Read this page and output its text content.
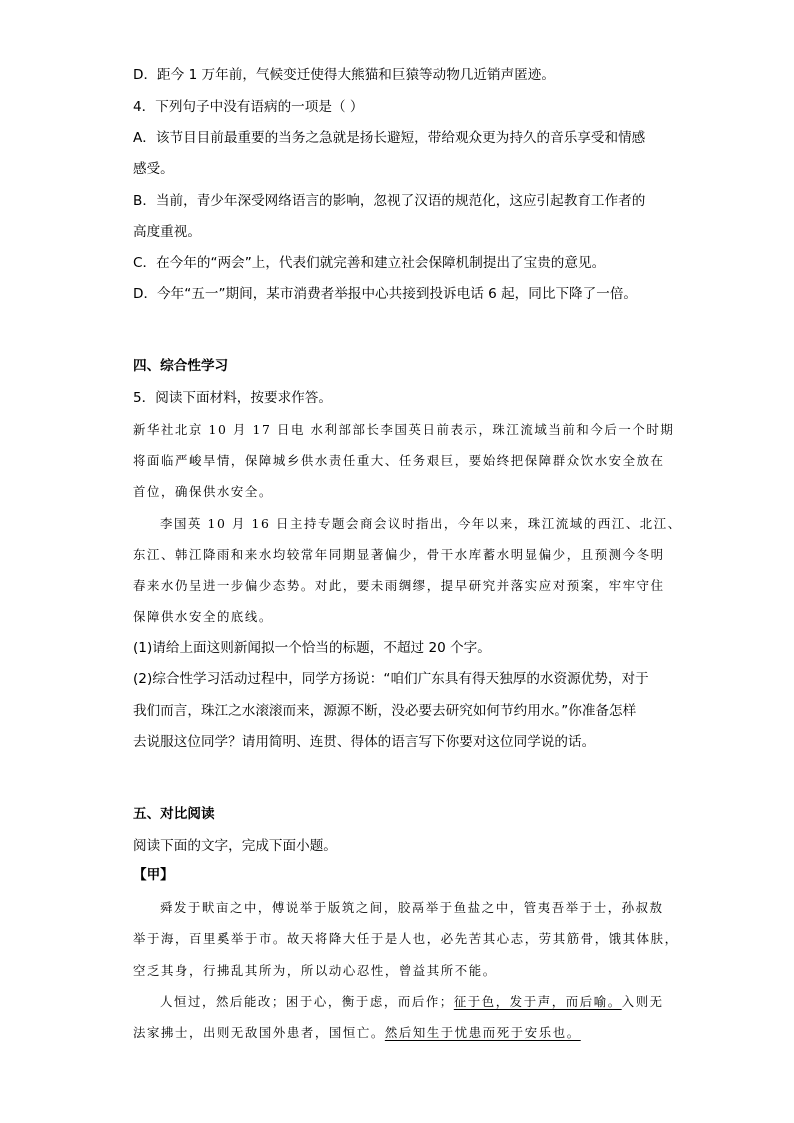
D．距今 1 万年前，气候变迁使得大熊猫和巨猿等动物几近销声匿迹。
4．下列句子中没有语病的一项是（ ）
A．该节目目前最重要的当务之急就是扬长避短，带给观众更为持久的音乐享受和情感
感受。
B．当前，青少年深受网络语言的影响，忽视了汉语的规范化，这应引起教育工作者的
高度重视。
C．在今年的“两会”上，代表们就完善和建立社会保障机制提出了宝贵的意见。
D．今年“五一”期间，某市消费者举报中心共接到投诉电话 6 起，同比下降了一倍。
四、综合性学习
5．阅读下面材料，按要求作答。
新华社北京 10 月 17 日电 水利部部长李国英日前表示，珠江流域当前和今后一个时期
将面临严峻旱情，保障城乡供水责任重大、任务艰巨，要始终把保障群众饮水安全放在
首位，确保供水安全。
李国英 10 月 16 日主持专题会商会议时指出，今年以来，珠江流域的西江、北江、
东江、韩江降雨和来水均较常年同期显著偏少，骨干水库蓄水明显偏少，且预测今冬明
春来水仍呈进一步偏少态势。对此，要未雨绸缪，提早研究并落实应对预案，牢牢守住
保障供水安全的底线。
(1)请给上面这则新闻拟一个恰当的标题，不超过 20 个字。
(2)综合性学习活动过程中，同学方扬说：“咱们广东具有得天独厚的水资源优势，对于
我们而言，珠江之水滚滚而来，源源不断，没必要去研究如何节约用水。”你准备怎样
去说服这位同学？请用简明、连贯、得体的语言写下你要对这位同学说的话。
五、对比阅读
阅读下面的文字，完成下面小题。
【甲】
舜发于畎亩之中，傅说举于版筑之间，胶鬲举于鱼盐之中，管夷吾举于士，孙叔敖
举于海，百里奚举于市。故天将降大任于是人也，必先苦其心志，劳其筋骨，饿其体肤，
空乏其身，行拂乱其所为，所以动心忍性，曾益其所不能。
人恒过，然后能改；困于心，衡于虑，而后作；征于色，发于声，而后喻。入则无
法家拂士，出则无敌国外患者，国恒亡。然后知生于忧患而死于安乐也。
